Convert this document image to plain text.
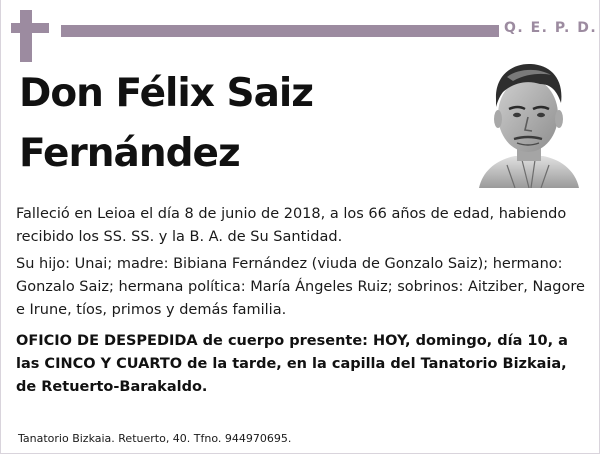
Q. E. P. D.
Don Félix Saiz Fernández

Falleció en Leioa el día 8 de junio de 2018, a los 66 años de edad, habiendo recibido los SS. SS. y la B. A. de Su Santidad.

Su hijo: Unai; madre: Bibiana Fernández (viuda de Gonzalo Saiz); hermano: Gonzalo Saiz; hermana política: María Ángeles Ruiz; sobrinos: Aitziber, Nagore e Irune, tíos, primos y demás familia.

OFICIO DE DESPEDIDA de cuerpo presente: HOY, domingo, día 10, a las CINCO Y CUARTO de la tarde, en la capilla del Tanatorio Bizkaia, de Retuerto-Barakaldo.

Tanatorio Bizkaia. Retuerto, 40. Tfno. 944970695.
